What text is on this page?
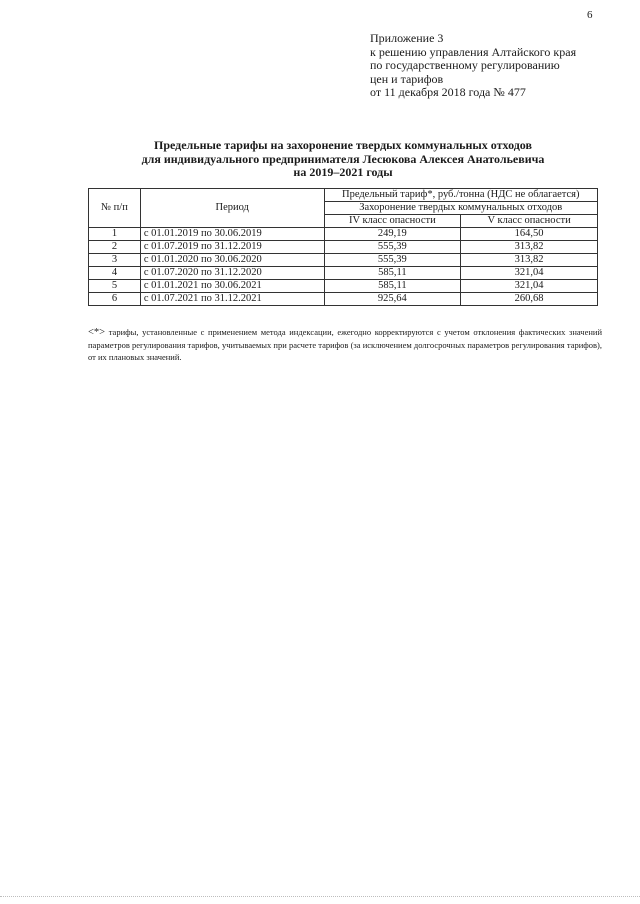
6
Приложение 3
к решению управления Алтайского края
по государственному регулированию
цен и тарифов
от 11 декабря 2018 года № 477
Предельные тарифы на захоронение твердых коммунальных отходов
для индивидуального предпринимателя Лесюкова Алексея Анатольевича
на 2019–2021 годы
№ п/п	Период	Предельный тариф*, руб./тонна (НДС не облагается)	
		Захоронение твердых коммунальных отходов	
		IV класс опасности	V класс опасности
1	с 01.01.2019 по 30.06.2019	249,19	164,50
2	с 01.07.2019 по 31.12.2019	555,39	313,82
3	с 01.01.2020 по 30.06.2020	555,39	313,82
4	с 01.07.2020 по 31.12.2020	585,11	321,04
5	с 01.01.2021 по 30.06.2021	585,11	321,04
6	с 01.07.2021 по 31.12.2021	925,64	260,68
<*> тарифы, установленные с применением метода индексации, ежегодно корректируются с учетом отклонения фактических значений параметров регулирования тарифов, учитываемых при расчете тарифов (за исключением долгосрочных параметров регулирования тарифов), от их плановых значений.
